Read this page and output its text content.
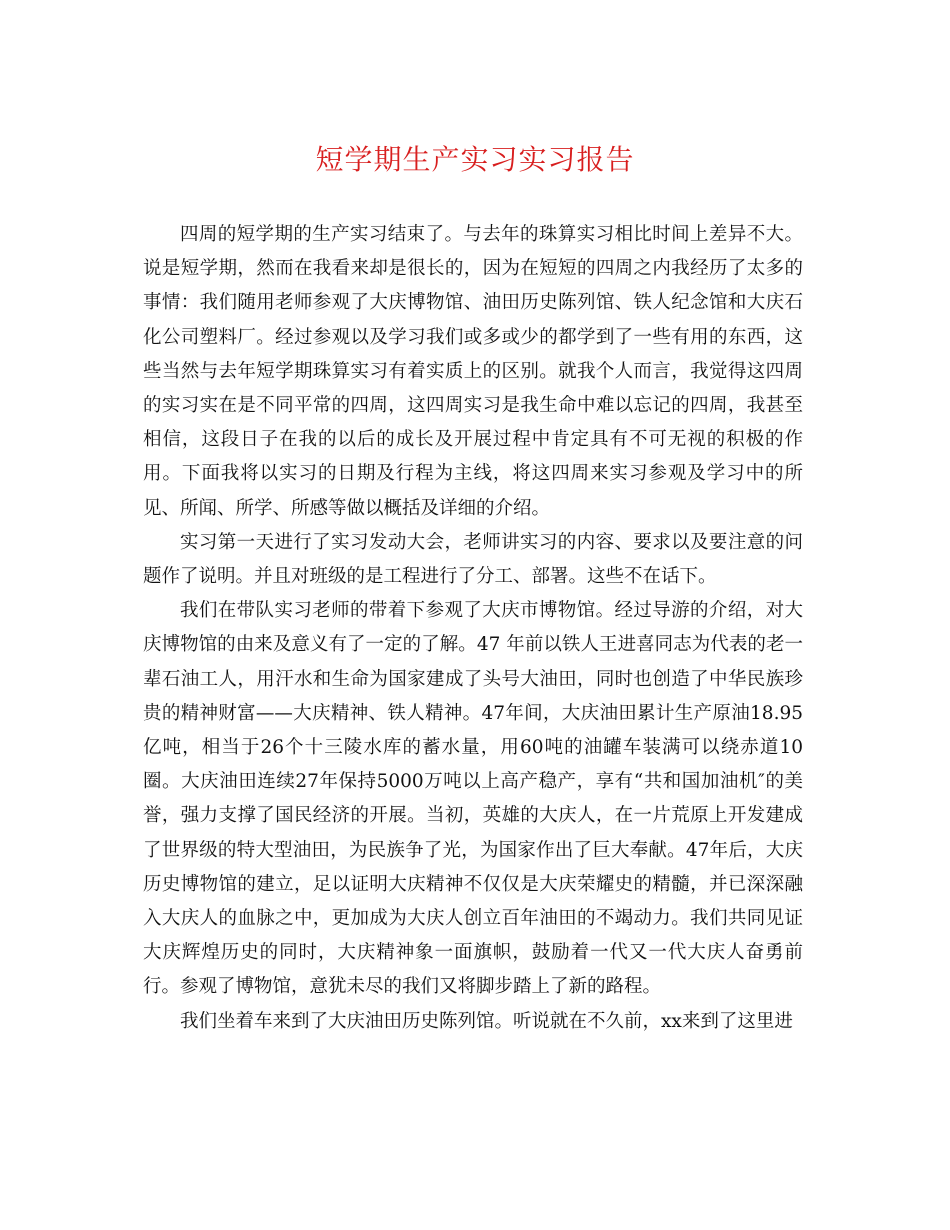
短学期生产实习实习报告

四周的短学期的生产实习结束了。与去年的珠算实习相比时间上差异不大。说是短学期，然而在我看来却是很长的，因为在短短的四周之内我经历了太多的事情：我们随用老师参观了大庆博物馆、油田历史陈列馆、铁人纪念馆和大庆石化公司塑料厂。经过参观以及学习我们或多或少的都学到了一些有用的东西，这些当然与去年短学期珠算实习有着实质上的区别。就我个人而言，我觉得这四周的实习实在是不同平常的四周，这四周实习是我生命中难以忘记的四周，我甚至相信，这段日子在我的以后的成长及开展过程中肯定具有不可无视的积极的作用。下面我将以实习的日期及行程为主线，将这四周来实习参观及学习中的所见、所闻、所学、所感等做以概括及详细的介绍。

实习第一天进行了实习发动大会，老师讲实习的内容、要求以及要注意的问题作了说明。并且对班级的是工程进行了分工、部署。这些不在话下。

我们在带队实习老师的带着下参观了大庆市博物馆。经过导游的介绍，对大庆博物馆的由来及意义有了一定的了解。47 年前以铁人王进喜同志为代表的老一辈石油工人，用汗水和生命为国家建成了头号大油田，同时也创造了中华民族珍贵的精神财富——大庆精神、铁人精神。47年间，大庆油田累计生产原油18.95亿吨，相当于26个十三陵水库的蓄水量，用60吨的油罐车装满可以绕赤道10圈。大庆油田连续27年保持5000万吨以上高产稳产，享有“共和国加油机″的美誉，强力支撑了国民经济的开展。当初，英雄的大庆人，在一片荒原上开发建成了世界级的特大型油田，为民族争了光，为国家作出了巨大奉献。47年后，大庆历史博物馆的建立，足以证明大庆精神不仅仅是大庆荣耀史的精髓，并已深深融入大庆人的血脉之中，更加成为大庆人创立百年油田的不竭动力。我们共同见证大庆辉煌历史的同时，大庆精神象一面旗帜，鼓励着一代又一代大庆人奋勇前行。参观了博物馆，意犹未尽的我们又将脚步踏上了新的路程。

我们坐着车来到了大庆油田历史陈列馆。听说就在不久前，xx来到了这里进
